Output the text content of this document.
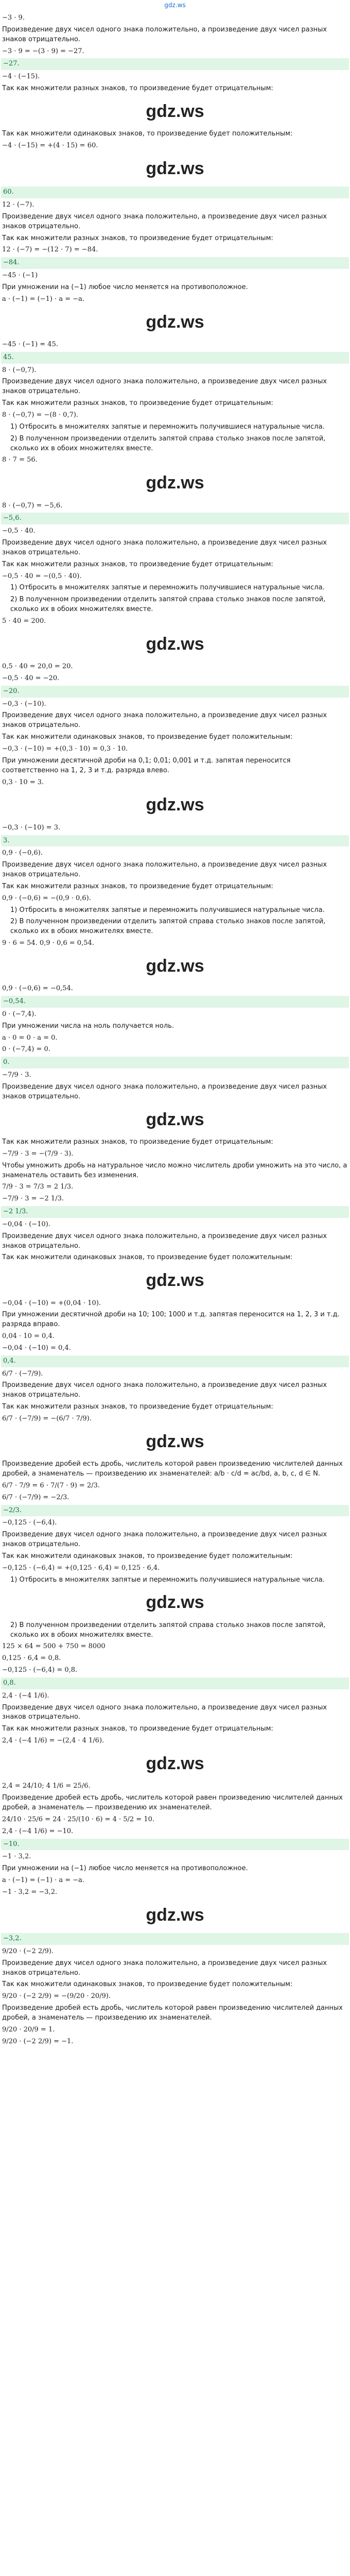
gdz.ws
−3 · 9.
Произведение двух чисел одного знака положительно, а произведение двух чисел разных знаков отрицательно.
−3 · 9 = −(3 · 9) = −27.
−27.
−4 · (−15).
Так как множители разных знаков, то произведение будет отрицательным:
gdz.ws
Так как множители одинаковых знаков, то произведение будет положительным:
−4 · (−15) = +(4 · 15) = 60.
gdz.ws
60.
12 · (−7).
Произведение двух чисел одного знака положительно, а произведение двух чисел разных знаков отрицательно.
Так как множители разных знаков, то произведение будет отрицательным:
12 · (−7) = −(12 · 7) = −84.
−84.
−45 · (−1)
При умножении на (−1) любое число меняется на противоположное.
a · (−1) = (−1) · a = −a.
gdz.ws
−45 · (−1) = 45.
45.
8 · (−0,7).
Произведение двух чисел одного знака положительно, а произведение двух чисел разных знаков отрицательно.
Так как множители разных знаков, то произведение будет отрицательным:
8 · (−0,7) = −(8 · 0,7).
1) Отбросить в множителях запятые и перемножить получившиеся натуральные числа.
2) В полученном произведении отделить запятой справа столько знаков после запятой, сколько их в обоих множителях вместе.
8 · 7 = 56.
gdz.ws
8 · (−0,7) = −5,6.
−5,6.
−0,5 · 40.
Произведение двух чисел одного знака положительно, а произведение двух чисел разных знаков отрицательно.
Так как множители разных знаков, то произведение будет отрицательным:
−0,5 · 40 = −(0,5 · 40).
1) Отбросить в множителях запятые и перемножить получившиеся натуральные числа.
2) В полученном произведении отделить запятой справа столько знаков после запятой, сколько их в обоих множителях вместе.
5 · 40 = 200.
gdz.ws
0,5 · 40 = 20,0 = 20.
−0,5 · 40 = −20.
−20.
−0,3 · (−10).
Произведение двух чисел одного знака положительно, а произведение двух чисел разных знаков отрицательно.
Так как множители одинаковых знаков, то произведение будет положительным:
−0,3 · (−10) = +(0,3 · 10) = 0,3 · 10.
При умножении десятичной дроби на 0,1; 0,01; 0,001 и т.д. запятая переносится соответственно на 1, 2, 3 и т.д. разряда влево.
0,3 · 10 = 3.
gdz.ws
−0,3 · (−10) = 3.
3.
0,9 · (−0,6).
Произведение двух чисел одного знака положительно, а произведение двух чисел разных знаков отрицательно.
Так как множители разных знаков, то произведение будет отрицательным:
0,9 · (−0,6) = −(0,9 · 0,6).
1) Отбросить в множителях запятые и перемножить получившиеся натуральные числа.
2) В полученном произведении отделить запятой справа столько знаков после запятой, сколько их в обоих множителях вместе.
9 · 6 = 54. 0,9 · 0,6 = 0,54.
gdz.ws
0,9 · (−0,6) = −0,54.
−0,54.
0 · (−7,4).
При умножении числа на ноль получается ноль.
a · 0 = 0 · a = 0.
0 · (−7,4) = 0.
0.
−7/9 · 3.
Произведение двух чисел одного знака положительно, а произведение двух чисел разных знаков отрицательно.
gdz.ws
Так как множители разных знаков, то произведение будет отрицательным:
−7/9 · 3 = −(7/9 · 3).
Чтобы умножить дробь на натуральное число можно числитель дроби умножить на это число, а знаменатель оставить без изменения.
7/9 · 3 = 7/3 = 2 1/3.
−7/9 · 3 = −2 1/3.
−2 1/3.
−0,04 · (−10).
Произведение двух чисел одного знака положительно, а произведение двух чисел разных знаков отрицательно.
Так как множители одинаковых знаков, то произведение будет положительным:
gdz.ws
−0,04 · (−10) = +(0,04 · 10).
При умножении десятичной дроби на 10; 100; 1000 и т.д. запятая переносится на 1, 2, 3 и т.д. разряда вправо.
0,04 · 10 = 0,4.
−0,04 · (−10) = 0,4.
0,4.
6/7 · (−7/9).
Произведение двух чисел одного знака положительно, а произведение двух чисел разных знаков отрицательно.
Так как множители разных знаков, то произведение будет отрицательным:
6/7 · (−7/9) = −(6/7 · 7/9).
gdz.ws
Произведение дробей есть дробь, числитель которой равен произведению числителей данных дробей, а знаменатель — произведению их знаменателей: a/b · c/d = ac/bd, a, b, c, d ∈ N.
6/7 · 7/9 = 6 · 7/(7 · 9) = 2/3.
6/7 · (−7/9) = −2/3.
−2/3.
−0,125 · (−6,4).
Произведение двух чисел одного знака положительно, а произведение двух чисел разных знаков отрицательно.
Так как множители одинаковых знаков, то произведение будет положительным:
−0,125 · (−6,4) = +(0,125 · 6,4) = 0,125 · 6,4.
1) Отбросить в множителях запятые и перемножить получившиеся натуральные числа.
gdz.ws
2) В полученном произведении отделить запятой справа столько знаков после запятой, сколько их в обоих множителях вместе.
125 × 64 = 500 + 750 = 8000
0,125 · 6,4 = 0,8.
−0,125 · (−6,4) = 0,8.
0,8.
2,4 · (−4 1/6).
Произведение двух чисел одного знака положительно, а произведение двух чисел разных знаков отрицательно.
Так как множители разных знаков, то произведение будет отрицательным:
2,4 · (−4 1/6) = −(2,4 · 4 1/6).
gdz.ws
2,4 = 24/10; 4 1/6 = 25/6.
Произведение дробей есть дробь, числитель которой равен произведению числителей данных дробей, а знаменатель — произведению их знаменателей.
24/10 · 25/6 = 24 · 25/(10 · 6) = 4 · 5/2 = 10.
2,4 · (−4 1/6) = −10.
−10.
−1 · 3,2.
При умножении на (−1) любое число меняется на противоположное.
a · (−1) = (−1) · a = −a.
−1 · 3,2 = −3,2.
gdz.ws
−3,2.
9/20 · (−2 2/9).
Произведение двух чисел одного знака положительно, а произведение двух чисел разных знаков отрицательно.
Так как множители одинаковых знаков, то произведение будет положительным:
9/20 · (−2 2/9) = −(9/20 · 20/9).
Произведение дробей есть дробь, числитель которой равен произведению числителей данных дробей, а знаменатель — произведению их знаменателей.
9/20 · 20/9 = 1.
9/20 · (−2 2/9) = −1.
